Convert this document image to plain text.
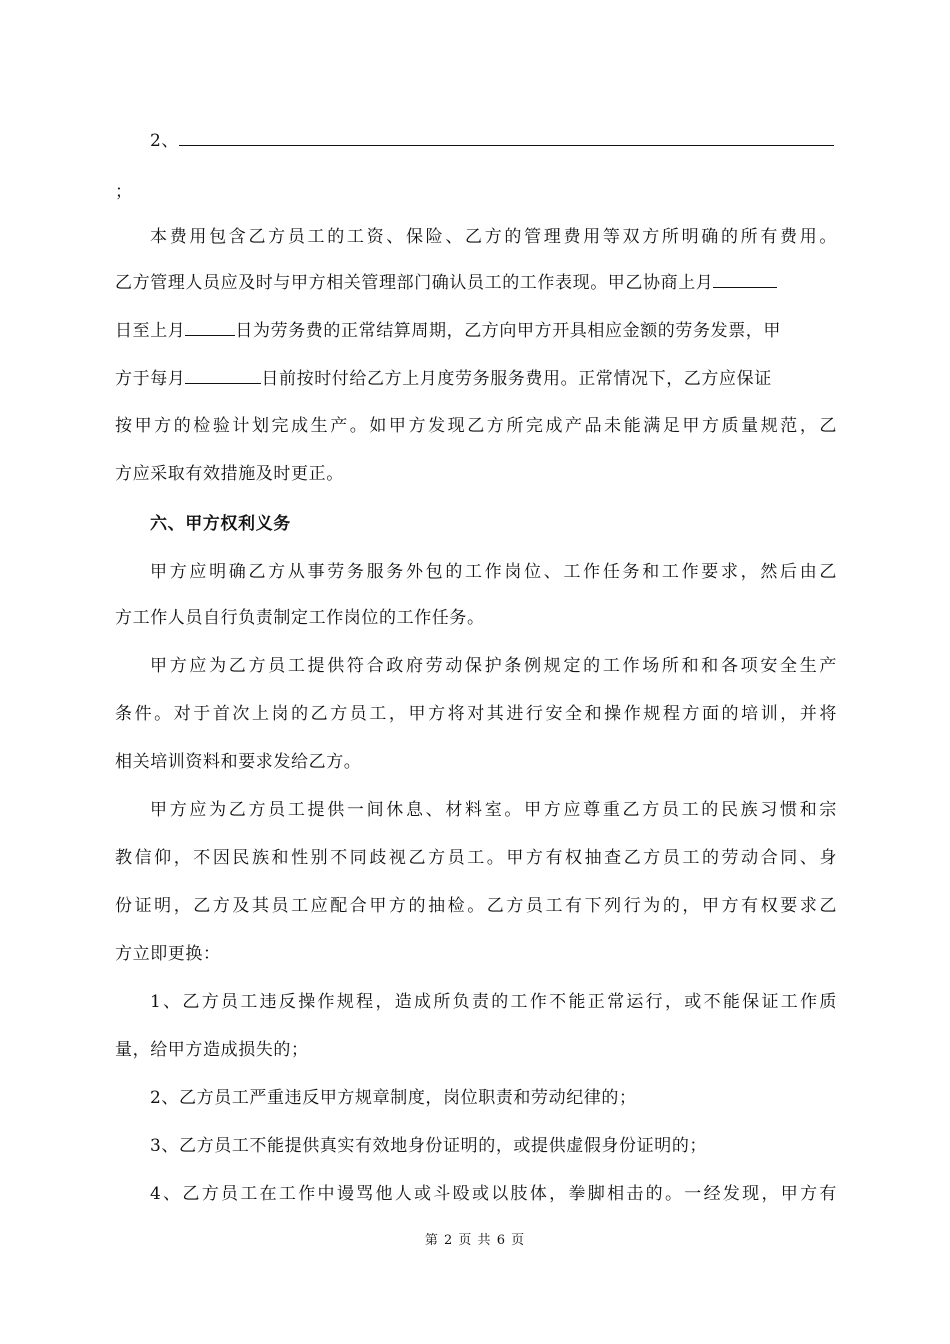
2、
；
本费用包含乙方员工的工资、保险、乙方的管理费用等双方所明确的所有费用。
乙方管理人员应及时与甲方相关管理部门确认员工的工作表现。甲乙协商上月
日至上月	日为劳务费的正常结算周期，乙方向甲方开具相应金额的劳务发票，甲
方于每月	日前按时付给乙方上月度劳务服务费用。正常情况下，乙方应保证
按甲方的检验计划完成生产。如甲方发现乙方所完成产品未能满足甲方质量规范，乙
方应采取有效措施及时更正。
六、甲方权利义务
甲方应明确乙方从事劳务服务外包的工作岗位、工作任务和工作要求，然后由乙
方工作人员自行负责制定工作岗位的工作任务。
甲方应为乙方员工提供符合政府劳动保护条例规定的工作场所和和各项安全生产
条件。对于首次上岗的乙方员工，甲方将对其进行安全和操作规程方面的培训，并将
相关培训资料和要求发给乙方。
甲方应为乙方员工提供一间休息、材料室。甲方应尊重乙方员工的民族习惯和宗
教信仰，不因民族和性别不同歧视乙方员工。甲方有权抽查乙方员工的劳动合同、身
份证明，乙方及其员工应配合甲方的抽检。乙方员工有下列行为的，甲方有权要求乙
方立即更换：
1、乙方员工违反操作规程，造成所负责的工作不能正常运行，或不能保证工作质
量，给甲方造成损失的；
2、乙方员工严重违反甲方规章制度，岗位职责和劳动纪律的；
3、乙方员工不能提供真实有效地身份证明的，或提供虚假身份证明的；
4、乙方员工在工作中谩骂他人或斗殴或以肢体，拳脚相击的。一经发现，甲方有
第 2 页 共 6 页
